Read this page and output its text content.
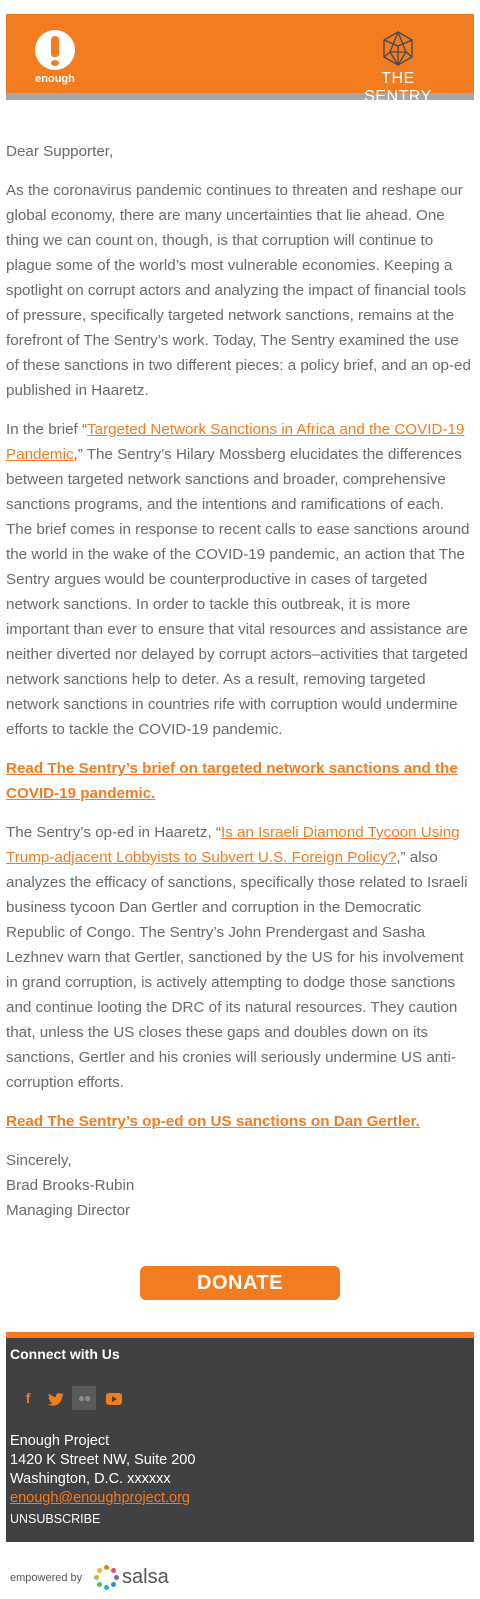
enough	THE SENTRY

Dear Supporter,

As the coronavirus pandemic continues to threaten and reshape our global economy, there are many uncertainties that lie ahead. One thing we can count on, though, is that corruption will continue to plague some of the world’s most vulnerable economies. Keeping a spotlight on corrupt actors and analyzing the impact of financial tools of pressure, specifically targeted network sanctions, remains at the forefront of The Sentry’s work. Today, The Sentry examined the use of these sanctions in two different pieces: a policy brief, and an op-ed published in Haaretz.

In the brief “Targeted Network Sanctions in Africa and the COVID-19 Pandemic,” The Sentry’s Hilary Mossberg elucidates the differences between targeted network sanctions and broader, comprehensive sanctions programs, and the intentions and ramifications of each. The brief comes in response to recent calls to ease sanctions around the world in the wake of the COVID-19 pandemic, an action that The Sentry argues would be counterproductive in cases of targeted network sanctions. In order to tackle this outbreak, it is more important than ever to ensure that vital resources and assistance are neither diverted nor delayed by corrupt actors–activities that targeted network sanctions help to deter. As a result, removing targeted network sanctions in countries rife with corruption would undermine efforts to tackle the COVID-19 pandemic.

Read The Sentry’s brief on targeted network sanctions and the COVID-19 pandemic.

The Sentry’s op-ed in Haaretz, “Is an Israeli Diamond Tycoon Using Trump-adjacent Lobbyists to Subvert U.S. Foreign Policy?,” also analyzes the efficacy of sanctions, specifically those related to Israeli business tycoon Dan Gertler and corruption in the Democratic Republic of Congo. The Sentry’s John Prendergast and Sasha Lezhnev warn that Gertler, sanctioned by the US for his involvement in grand corruption, is actively attempting to dodge those sanctions and continue looting the DRC of its natural resources. They caution that, unless the US closes these gaps and doubles down on its sanctions, Gertler and his cronies will seriously undermine US anti-corruption efforts.

Read The Sentry’s op-ed on US sanctions on Dan Gertler.

Sincerely,
Brad Brooks-Rubin
Managing Director
DONATE
Connect with Us
f	●●
Enough Project
1420 K Street NW, Suite 200
Washington, D.C. xxxxxx
enough@enoughproject.org
UNSUBSCRIBE
empowered by salsa
